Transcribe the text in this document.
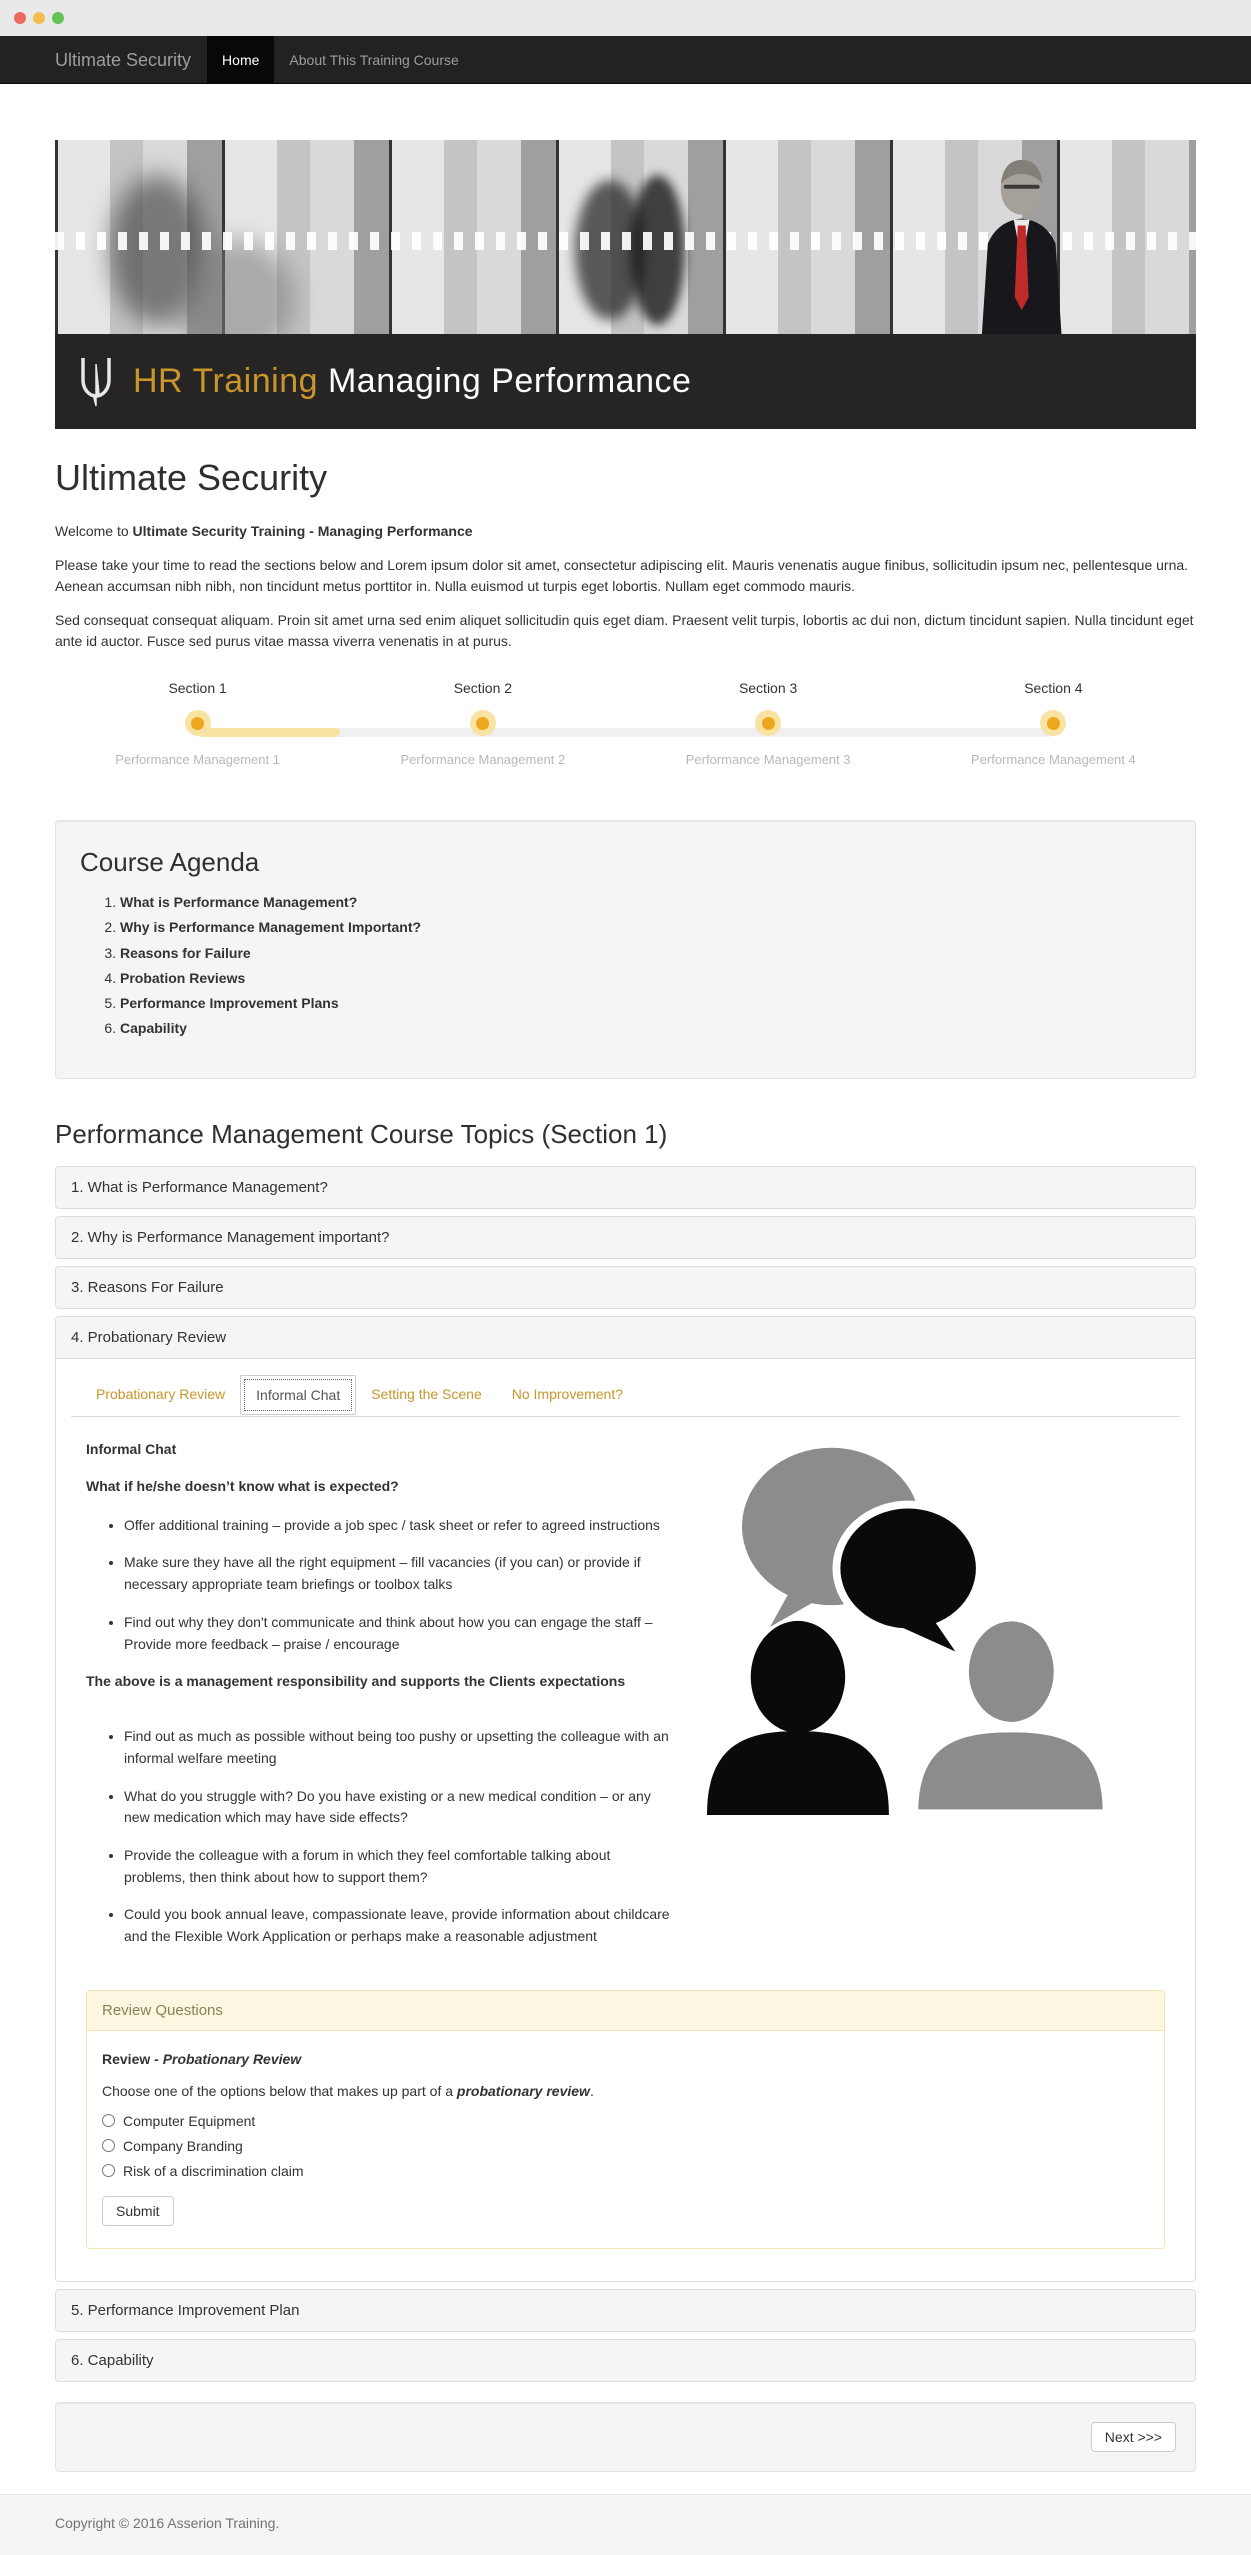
Ultimate Security	Home	About This Training Course
HR Training Managing Performance
Ultimate Security

Welcome to Ultimate Security Training - Managing Performance

Please take your time to read the sections below and Lorem ipsum dolor sit amet, consectetur adipiscing elit. Mauris venenatis augue finibus, sollicitudin ipsum nec, pellentesque urna. Aenean accumsan nibh nibh, non tincidunt metus porttitor in. Nulla euismod ut turpis eget lobortis. Nullam eget commodo mauris.

Sed consequat consequat aliquam. Proin sit amet urna sed enim aliquet sollicitudin quis eget diam. Praesent velit turpis, lobortis ac dui non, dictum tincidunt sapien. Nulla tincidunt eget ante id auctor. Fusce sed purus vitae massa viverra venenatis in at purus.

Section 1
Performance Management 1
Section 2
Performance Management 2
Section 3
Performance Management 3
Section 4
Performance Management 4
Course Agenda
1. What is Performance Management?
2. Why is Performance Management Important?
3. Reasons for Failure
4. Probation Reviews
5. Performance Improvement Plans
6. Capability
Performance Management Course Topics (Section 1)
1. What is Performance Management?
2. Why is Performance Management important?
3. Reasons For Failure
4. Probationary Review
Probationary Review	Informal Chat	Setting the Scene	No Improvement?

Informal Chat

What if he/she doesn’t know what is expected?

• Offer additional training – provide a job spec / task sheet or refer to agreed instructions
• Make sure they have all the right equipment – fill vacancies (if you can) or provide if necessary appropriate team briefings or toolbox talks
• Find out why they don't communicate and think about how you can engage the staff – Provide more feedback – praise / encourage

The above is a management responsibility and supports the Clients expectations

• Find out as much as possible without being too pushy or upsetting the colleague with an informal welfare meeting
• What do you struggle with? Do you have existing or a new medical condition – or any new medication which may have side effects?
• Provide the colleague with a forum in which they feel comfortable talking about problems, then think about how to support them?
• Could you book annual leave, compassionate leave, provide information about childcare and the Flexible Work Application or perhaps make a reasonable adjustment
Review Questions

Review - Probationary Review

Choose one of the options below that makes up part of a probationary review.

Computer Equipment
Company Branding
Risk of a discrimination claim
Submit
5. Performance Improvement Plan
6. Capability
Next >>>

Copyright © 2016 Asserion Training.
